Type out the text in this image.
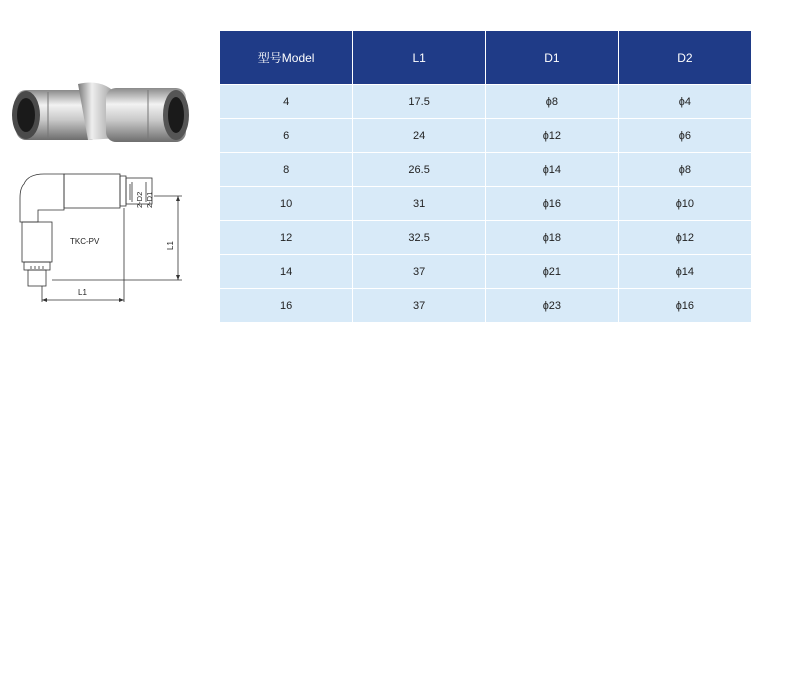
TKC-PV
L1
L1
2-D2 2-D1
型号Model	L1	D1	D2
4	17.5	ɸ8	ɸ4
6	24	ɸ12	ɸ6
8	26.5	ɸ14	ɸ8
10	31	ɸ16	ɸ10
12	32.5	ɸ18	ɸ12
14	37	ɸ21	ɸ14
16	37	ɸ23	ɸ16
